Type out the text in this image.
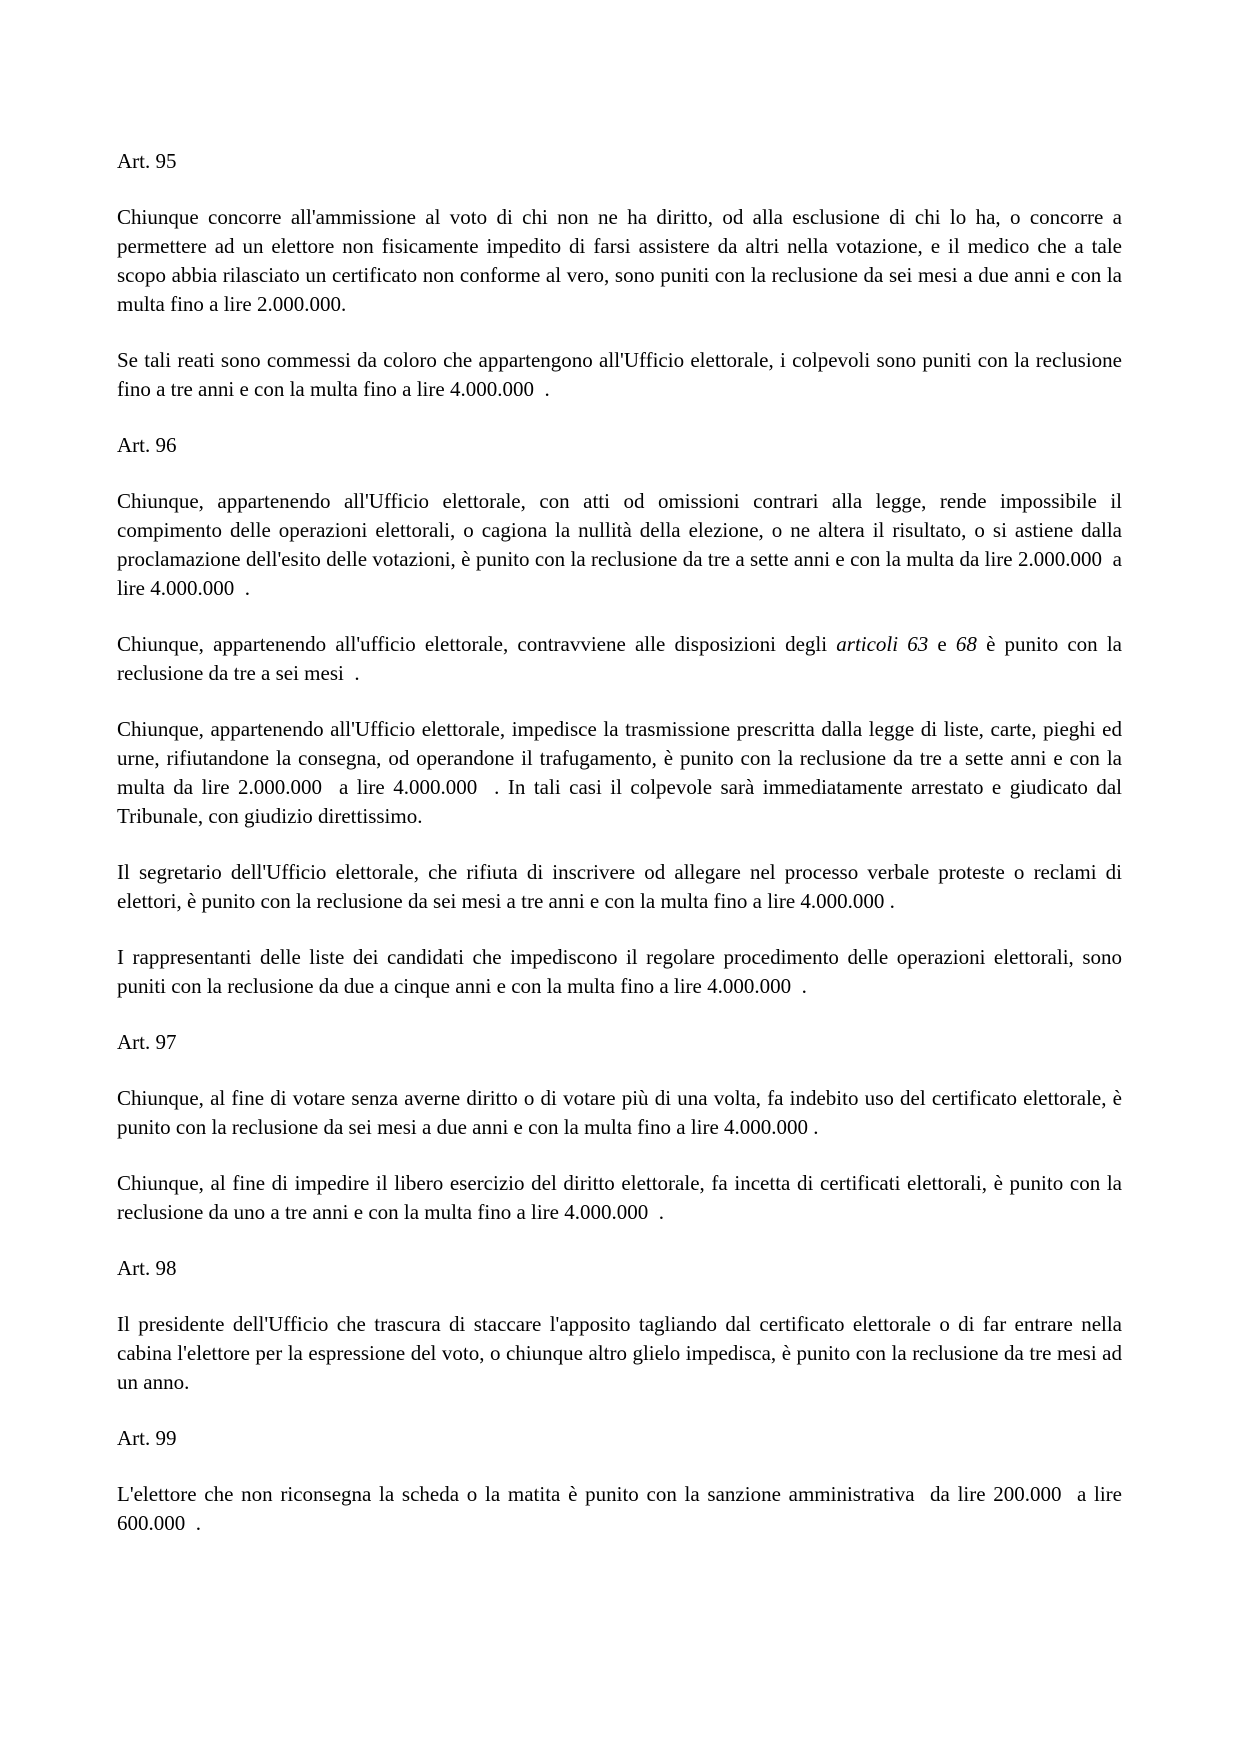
Art. 95

Chiunque concorre all'ammissione al voto di chi non ne ha diritto, od alla esclusione di chi lo ha, o concorre a permettere ad un elettore non fisicamente impedito di farsi assistere da altri nella votazione, e il medico che a tale scopo abbia rilasciato un certificato non conforme al vero, sono puniti con la reclusione da sei mesi a due anni e con la multa fino a lire 2.000.000.

Se tali reati sono commessi da coloro che appartengono all'Ufficio elettorale, i colpevoli sono puniti con la reclusione fino a tre anni e con la multa fino a lire 4.000.000  .

Art. 96

Chiunque, appartenendo all'Ufficio elettorale, con atti od omissioni contrari alla legge, rende impossibile il compimento delle operazioni elettorali, o cagiona la nullità della elezione, o ne altera il risultato, o si astiene dalla proclamazione dell'esito delle votazioni, è punito con la reclusione da tre a sette anni e con la multa da lire 2.000.000  a lire 4.000.000  .

Chiunque, appartenendo all'ufficio elettorale, contravviene alle disposizioni degli articoli 63 e 68 è punito con la reclusione da tre a sei mesi  .

Chiunque, appartenendo all'Ufficio elettorale, impedisce la trasmissione prescritta dalla legge di liste, carte, pieghi ed urne, rifiutandone la consegna, od operandone il trafugamento, è punito con la reclusione da tre a sette anni e con la multa da lire 2.000.000  a lire 4.000.000  . In tali casi il colpevole sarà immediatamente arrestato e giudicato dal Tribunale, con giudizio direttissimo.

Il segretario dell'Ufficio elettorale, che rifiuta di inscrivere od allegare nel processo verbale proteste o reclami di elettori, è punito con la reclusione da sei mesi a tre anni e con la multa fino a lire 4.000.000 .

I rappresentanti delle liste dei candidati che impediscono il regolare procedimento delle operazioni elettorali, sono puniti con la reclusione da due a cinque anni e con la multa fino a lire 4.000.000  .

Art. 97

Chiunque, al fine di votare senza averne diritto o di votare più di una volta, fa indebito uso del certificato elettorale, è punito con la reclusione da sei mesi a due anni e con la multa fino a lire 4.000.000 .

Chiunque, al fine di impedire il libero esercizio del diritto elettorale, fa incetta di certificati elettorali, è punito con la reclusione da uno a tre anni e con la multa fino a lire 4.000.000  .

Art. 98

Il presidente dell'Ufficio che trascura di staccare l'apposito tagliando dal certificato elettorale o di far entrare nella cabina l'elettore per la espressione del voto, o chiunque altro glielo impedisca, è punito con la reclusione da tre mesi ad un anno.

Art. 99

L'elettore che non riconsegna la scheda o la matita è punito con la sanzione amministrativa  da lire 200.000  a lire 600.000  .
